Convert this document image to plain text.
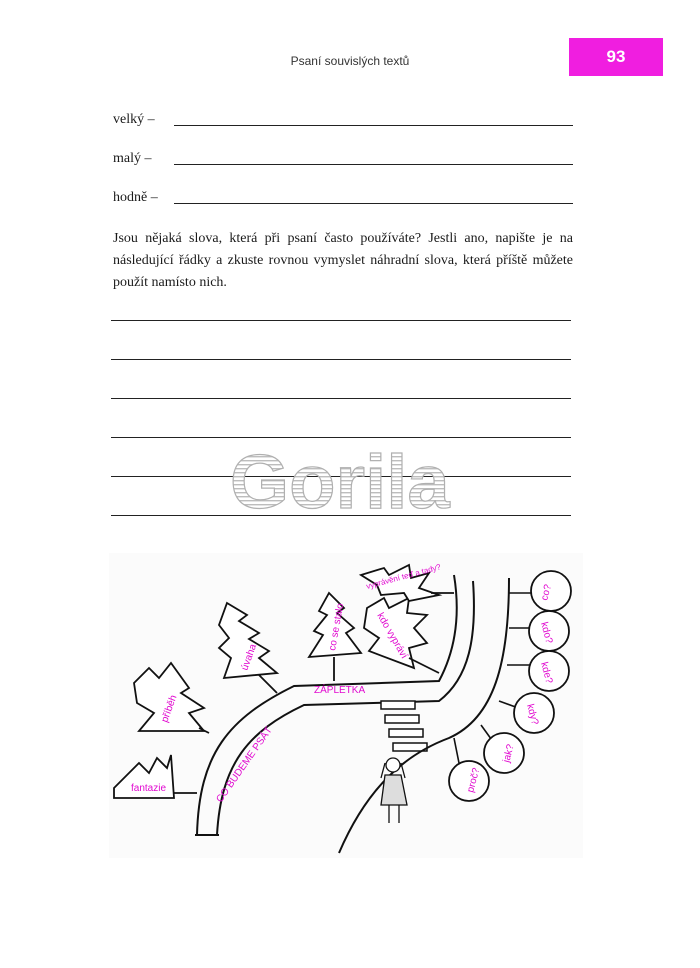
Psaní souvislých textů	93
velký –
malý –
hodně –
Jsou nějaká slova, která při psaní často používáte? Jestli ano, napište je na následující řádky a zkuste rovnou vymyslet náhradní slova, která příště můžete použít namísto nich.
Gorila
fantazie
příběh
úvaha
co se stalo	kdo vypráví
vyprávění teď a tady?
CO BUDEME PSÁT
ZÁPLETKA
co?
kdo?
kde?
kdy?
jak?
proč?
